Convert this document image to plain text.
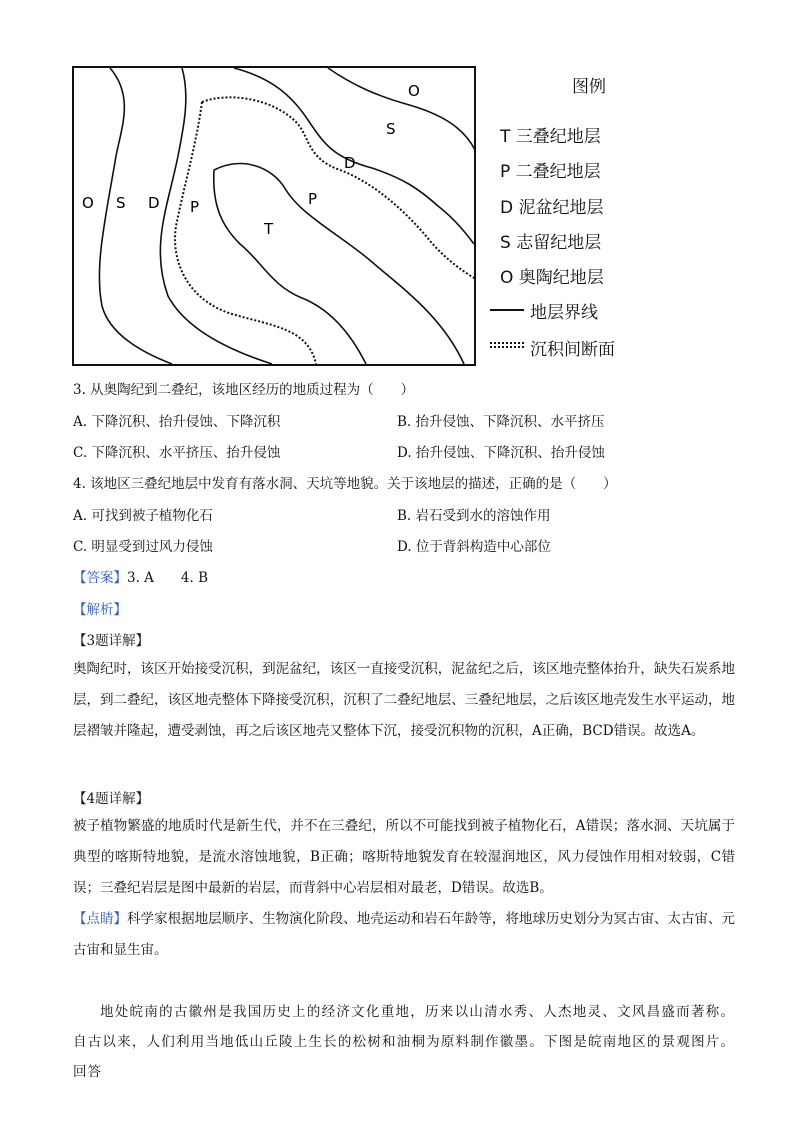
O
S
D
P
T
O S D P
图例
T 三叠纪地层
P 二叠纪地层
D 泥盆纪地层
S 志留纪地层
O 奥陶纪地层
地层界线
沉积间断面
3. 从奥陶纪到二叠纪，该地区经历的地质过程为（　　）
A. 下降沉积、抬升侵蚀、下降沉积	B. 抬升侵蚀、下降沉积、水平挤压
C. 下降沉积、水平挤压、抬升侵蚀	D. 抬升侵蚀、下降沉积、抬升侵蚀
4. 该地区三叠纪地层中发育有落水洞、天坑等地貌。关于该地层的描述，正确的是（　　）
A. 可找到被子植物化石	B. 岩石受到水的溶蚀作用
C. 明显受到过风力侵蚀	D. 位于背斜构造中心部位
【答案】3. A　　4. B
【解析】
【3题详解】
奥陶纪时，该区开始接受沉积，到泥盆纪，该区一直接受沉积，泥盆纪之后，该区地壳整体抬升，缺失石炭系地层，到二叠纪，该区地壳整体下降接受沉积，沉积了二叠纪地层、三叠纪地层，之后该区地壳发生水平运动，地层褶皱并隆起，遭受剥蚀，再之后该区地壳又整体下沉，接受沉积物的沉积，A正确，BCD错误。故选A。
【4题详解】
被子植物繁盛的地质时代是新生代，并不在三叠纪，所以不可能找到被子植物化石，A错误；落水洞、天坑属于典型的喀斯特地貌，是流水溶蚀地貌，B正确；喀斯特地貌发育在较湿润地区，风力侵蚀作用相对较弱，C错误；三叠纪岩层是图中最新的岩层，而背斜中心岩层相对最老，D错误。故选B。
【点睛】科学家根据地层顺序、生物演化阶段、地壳运动和岩石年龄等，将地球历史划分为冥古宙、太古宙、元古宙和显生宙。
地处皖南的古徽州是我国历史上的经济文化重地，历来以山清水秀、人杰地灵、文风昌盛而著称。自古以来，人们利用当地低山丘陵上生长的松树和油桐为原料制作徽墨。下图是皖南地区的景观图片。回答
